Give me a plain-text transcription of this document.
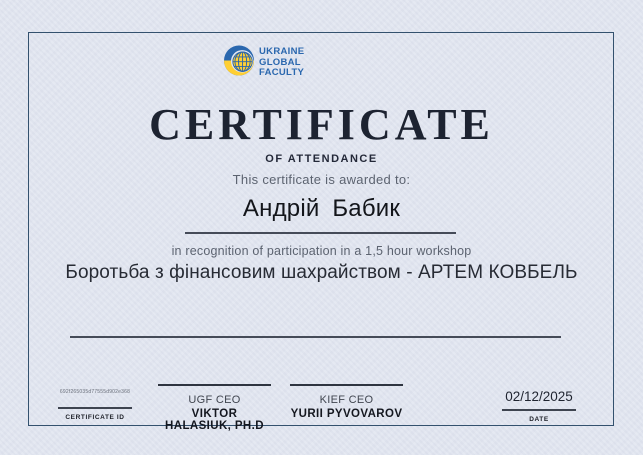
UKRAINE
GLOBAL
FACULTY
CERTIFICATE
OF ATTENDANCE
This certificate is awarded to:
Андрій Бабик
in recognition of participation in a 1,5 hour workshop
Боротьба з фінансовим шахрайством - АРТЕМ КОВБЕЛЬ
692f265035d77555d902e368
CERTIFICATE ID
UGF CEO
VIKTOR HALASIUK, PH.D
KIEF CEO
YURII PYVOVAROV
02/12/2025
DATE
